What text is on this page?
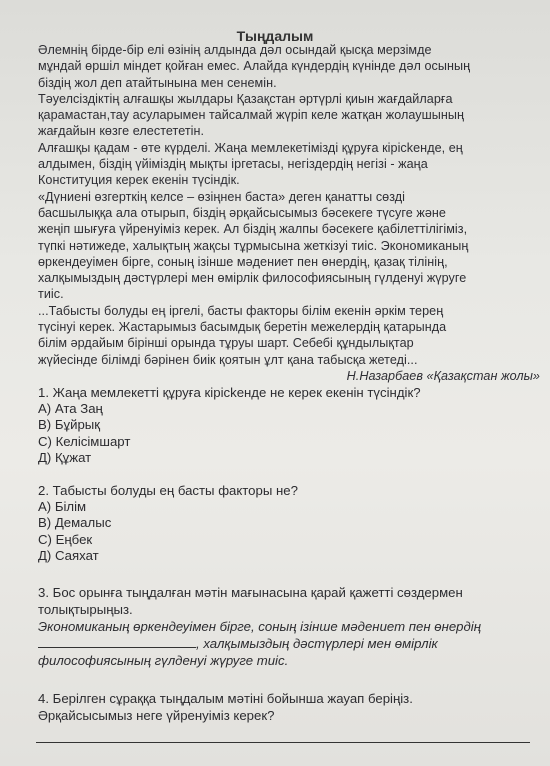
Тыңдалым
Әлемнің бірде-бір елі өзінің алдында дәл осындай қысқа мерзімде
мұндай өршіл міндет қойған емес. Алайда күндердің күнінде дәл осының
біздің жол деп атайтынына мен сенемін.
Тәуелсіздіктің алғашқы жылдары Қазақстан әртүрлі қиын жағдайларға
қарамастан,тау асуларымен тайсалмай жүріп келе жатқан жолаушының
жағдайын көзге елестететін.
Алғашқы қадам - өте күрделі. Жаңа мемлекетімізді құруға кірісkенде, ең
алдымен, біздің үйіміздің мықты іргетасы, негіздердің негізі - жаңа
Конституция керек екенін түсіндік.
«Дүниені өзгерткің келсе – өзіңнен баста» деген қанатты сөзді
басшылыққа ала отырып, біздің әрқайсысымыз бәсекеге түсуге және
жеңіп шығуға үйренуіміз керек. Ал біздің жалпы бәсекеге қабілеттілігіміз,
түпкі нәтижеде, халықтың жақсы тұрмысына жеткізуі тиіс. Экономиканың
өркендеуімен бірге, соның ізінше мәдениет пен өнердің, қазақ тілінің,
халқымыздың дәстүрлері мен өмірлік философиясының гүлденуі жүруге
тиіс.
...Табысты болуды ең іргелі, басты факторы білім екенін әркім терең
түсінуі керек. Жастарымыз басымдық беретін межелердің қатарында
білім әрдайым бірінші орында тұруы шарт. Себебі құндылықтар
жүйесінде білімді бәрінен биік қоятын ұлт қана табысқа жетеді...
Н.Назарбаев «Қазақстан жолы»
1. Жаңа мемлекетті құруға кірісkенде не керек екенін түсіндік?
А) Ата Заң
В) Бұйрық
С) Келісімшарт
Д) Құжат
2. Табысты болуды ең басты факторы не?
А) Білім
В) Демалыс
С) Еңбек
Д) Саяхат
3. Бос орынға тыңдалған мәтін мағынасына қарай қажетті сөздермен
толықтырыңыз.
Экономиканың өркендеуімен бірге, соның ізінше мәдениет пен өнердің
, халқымыздың дәстүрлері мен өмірлік
философиясының гүлденуі жүруге тиіс.
4. Берілген сұраққа тыңдалым мәтіні бойынша жауап беріңіз.
Әрқайсысымыз неге үйренуіміз керек?
